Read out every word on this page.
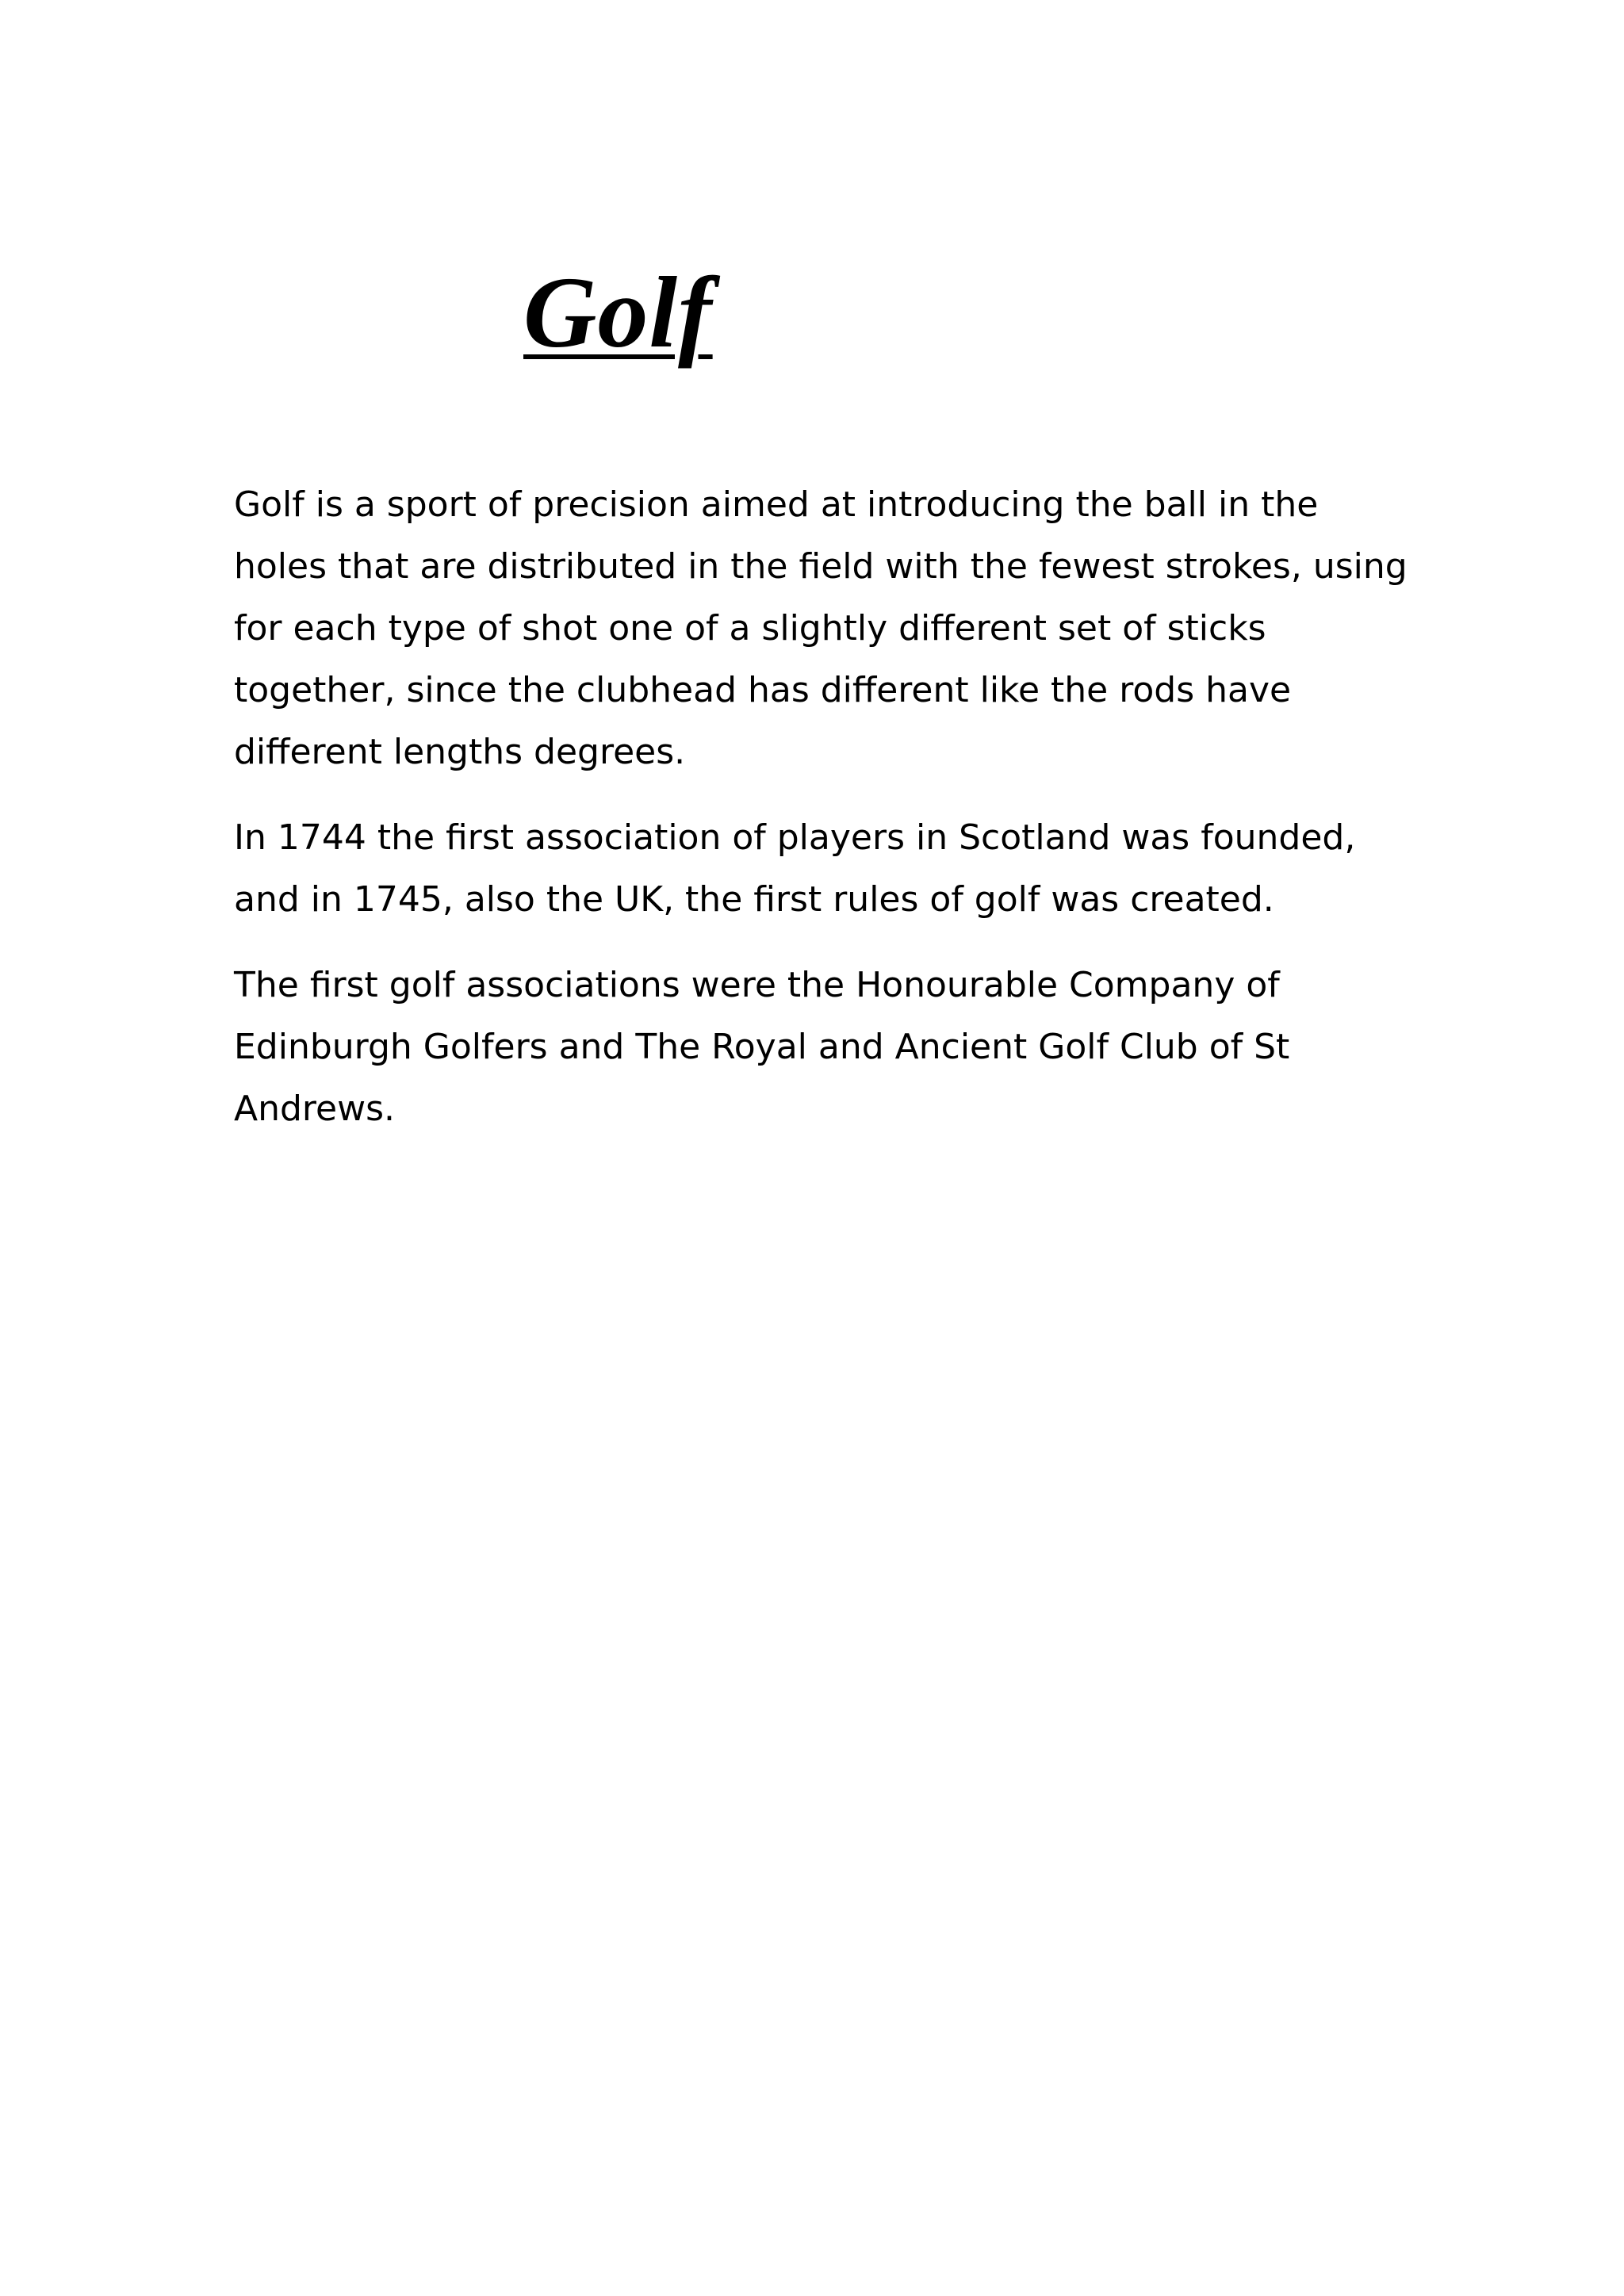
Golf

Golf is a sport of precision aimed at introducing the ball in the holes that are distributed in the field with the fewest strokes, using for each type of shot one of a slightly different set of sticks together, since the clubhead has different like the rods have different lengths degrees.

In 1744 the first association of players in Scotland was founded, and in 1745, also the UK, the first rules of golf was created.

The first golf associations were the Honourable Company of Edinburgh Golfers and The Royal and Ancient Golf Club of St Andrews.
